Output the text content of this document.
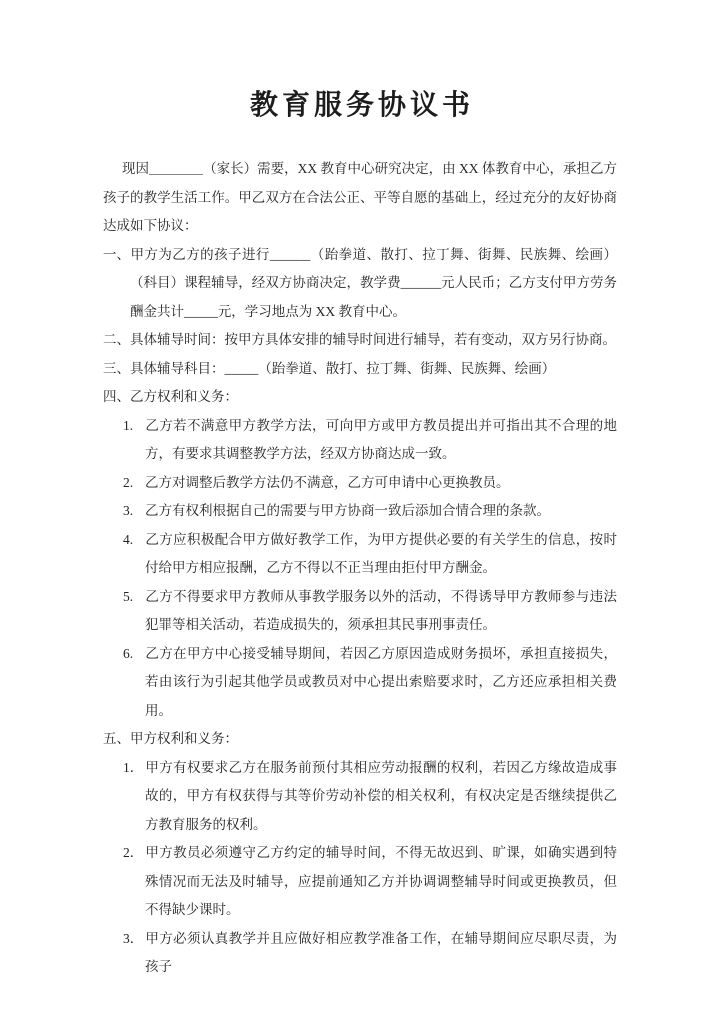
教育服务协议书

现因＿＿＿＿（家长）需要，XX 教育中心研究决定，由 XX 体教育中心，承担乙方孩子的教学生活工作。甲乙双方在合法公正、平等自愿的基础上，经过充分的友好协商达成如下协议：

一、甲方为乙方的孩子进行______（跆拳道、散打、拉丁舞、街舞、民族舞、绘画）（科目）课程辅导，经双方协商决定，教学费______元人民币；乙方支付甲方劳务酬金共计_____元，学习地点为 XX 教育中心。
二、具体辅导时间：按甲方具体安排的辅导时间进行辅导，若有变动，双方另行协商。
三、具体辅导科目：_____（跆拳道、散打、拉丁舞、街舞、民族舞、绘画）
四、乙方权利和义务：
1. 乙方若不满意甲方教学方法，可向甲方或甲方教员提出并可指出其不合理的地方，有要求其调整教学方法，经双方协商达成一致。
2. 乙方对调整后教学方法仍不满意，乙方可申请中心更换教员。
3. 乙方有权利根据自己的需要与甲方协商一致后添加合情合理的条款。
4. 乙方应积极配合甲方做好教学工作，为甲方提供必要的有关学生的信息，按时付给甲方相应报酬，乙方不得以不正当理由拒付甲方酬金。
5. 乙方不得要求甲方教师从事教学服务以外的活动，不得诱导甲方教师参与违法犯罪等相关活动，若造成损失的，须承担其民事刑事责任。
6. 乙方在甲方中心接受辅导期间，若因乙方原因造成财务损坏，承担直接损失，若由该行为引起其他学员或教员对中心提出索赔要求时，乙方还应承担相关费用。
五、甲方权利和义务：
1． 甲方有权要求乙方在服务前预付其相应劳动报酬的权利，若因乙方缘故造成事故的，甲方有权获得与其等价劳动补偿的相关权利，有权决定是否继续提供乙方教育服务的权利。
2． 甲方教员必须遵守乙方约定的辅导时间，不得无故迟到、旷课，如确实遇到特殊情况而无法及时辅导，应提前通知乙方并协调调整辅导时间或更换教员，但不得缺少课时。
3． 甲方必须认真教学并且应做好相应教学准备工作，在辅导期间应尽职尽责，为孩子
